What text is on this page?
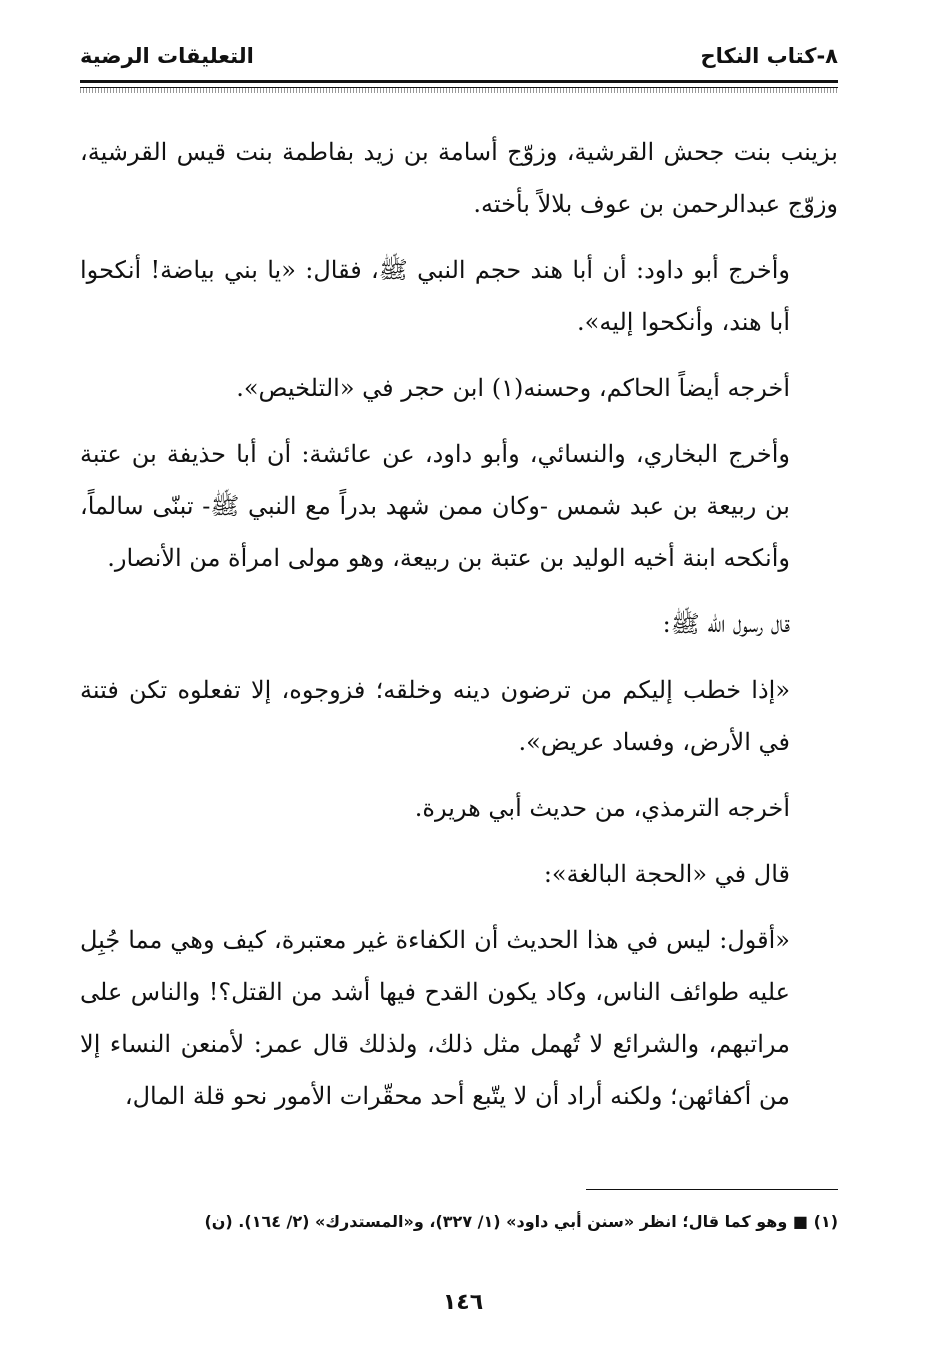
٨-كتاب النكاح
التعليقات الرضية

بزينب بنت جحش القرشية، وزوّج أسامة بن زيد بفاطمة بنت قيس القرشية، وزوّج عبدالرحمن بن عوف بلالاً بأخته.

وأخرج أبو داود: أن أبا هند حجم النبي ﷺ، فقال: «يا بني بياضة! أنكحوا أبا هند، وأنكحوا إليه».

أخرجه أيضاً الحاكم، وحسنه(١) ابن حجر في «التلخيص».

وأخرج البخاري، والنسائي، وأبو داود، عن عائشة: أن أبا حذيفة بن عتبة بن ربيعة بن عبد شمس -وكان ممن شهد بدراً مع النبي ﷺ- تبنّى سالماً، وأنكحه ابنة أخيه الوليد بن عتبة بن ربيعة، وهو مولى امرأة من الأنصار.

قال رسول الله ﷺ:

«إذا خطب إليكم من ترضون دينه وخلقه؛ فزوجوه، إلا تفعلوه تكن فتنة في الأرض، وفساد عريض».

أخرجه الترمذي، من حديث أبي هريرة.

قال في «الحجة البالغة»:

«أقول: ليس في هذا الحديث أن الكفاءة غير معتبرة، كيف وهي مما جُبِل عليه طوائف الناس، وكاد يكون القدح فيها أشد من القتل؟! والناس على مراتبهم، والشرائع لا تُهمل مثل ذلك، ولذلك قال عمر: لأمنعن النساء إلا من أكفائهن؛ ولكنه أراد أن لا يتّبع أحد محقّرات الأمور نحو قلة المال،

(١) ■ وهو كما قال؛ انظر «سنن أبي داود» (١/ ٣٢٧)، و«المستدرك» (٢/ ١٦٤). (ن)
١٤٦
